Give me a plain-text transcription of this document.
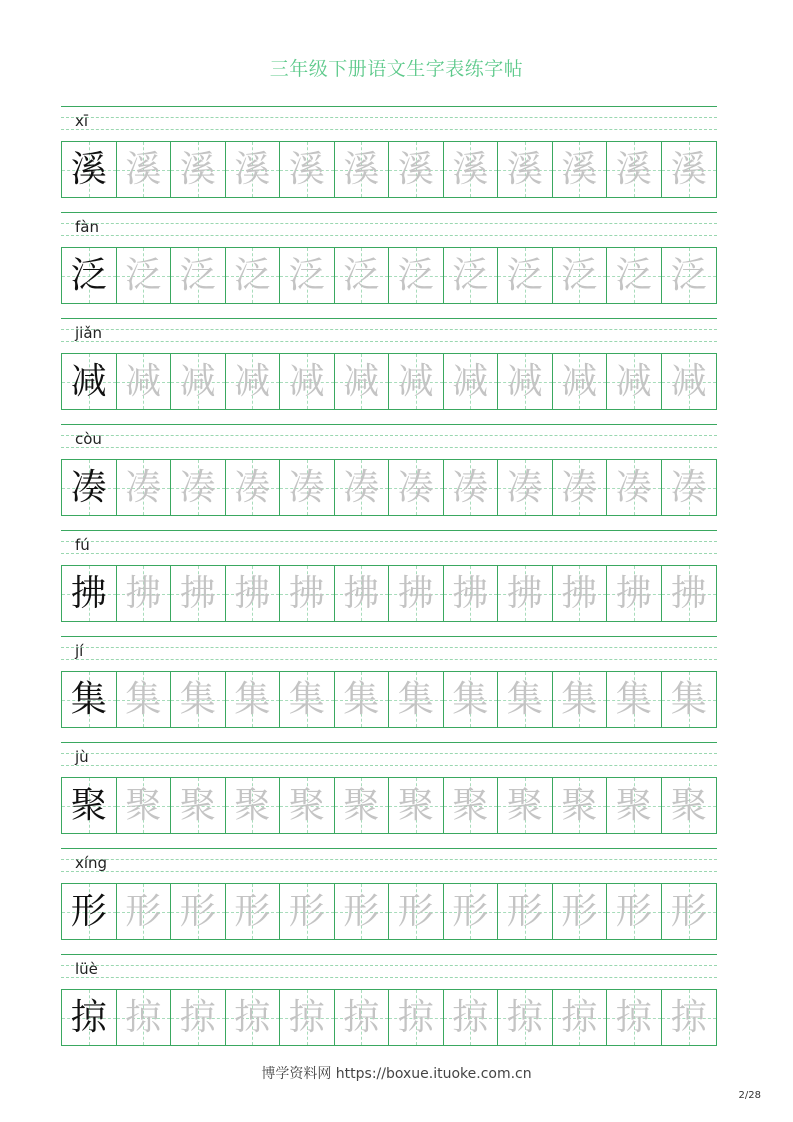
三年级下册语文生字表练字帖
xī
溪 溪 溪 溪 溪 溪 溪 溪 溪 溪 溪 溪
fàn
泛 泛 泛 泛 泛 泛 泛 泛 泛 泛 泛 泛
jiǎn
减 减 减 减 减 减 减 减 减 减 减 减
còu
凑 凑 凑 凑 凑 凑 凑 凑 凑 凑 凑 凑
fú
拂 拂 拂 拂 拂 拂 拂 拂 拂 拂 拂 拂
jí
集 集 集 集 集 集 集 集 集 集 集 集
jù
聚 聚 聚 聚 聚 聚 聚 聚 聚 聚 聚 聚
xíng
形 形 形 形 形 形 形 形 形 形 形 形
lüè
掠 掠 掠 掠 掠 掠 掠 掠 掠 掠 掠 掠
博学资料网 https://boxue.ituoke.com.cn
2/28
